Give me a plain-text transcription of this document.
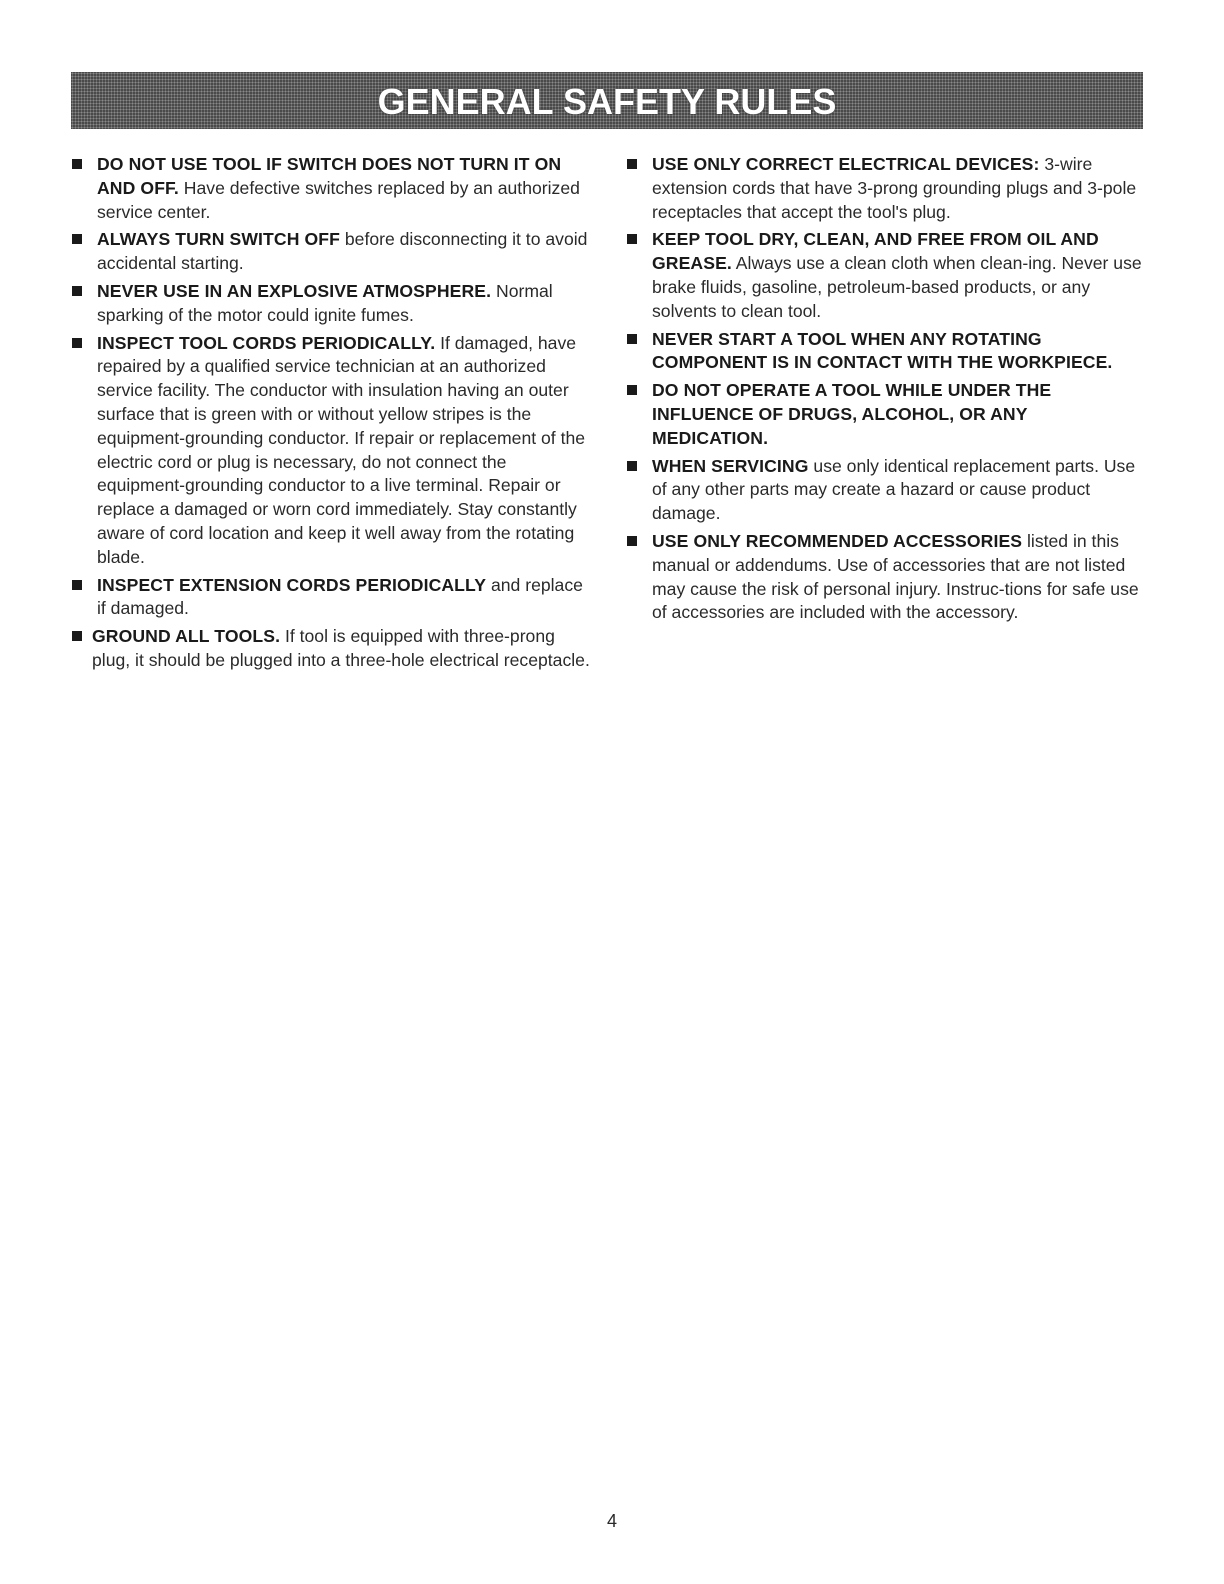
GENERAL SAFETY RULES

DO NOT USE TOOL IF SWITCH DOES NOT TURN IT ON AND OFF. Have defective switches replaced by an authorized service center.

ALWAYS TURN SWITCH OFF before disconnecting it to avoid accidental starting.

NEVER USE IN AN EXPLOSIVE ATMOSPHERE. Normal sparking of the motor could ignite fumes.

INSPECT TOOL CORDS PERIODICALLY. If damaged, have repaired by a qualified service technician at an authorized service facility. The conductor with insulation having an outer surface that is green with or without yellow stripes is the equipment-grounding conductor. If repair or replacement of the electric cord or plug is necessary, do not connect the equipment-grounding conductor to a live terminal. Repair or replace a damaged or worn cord immediately. Stay constantly aware of cord location and keep it well away from the rotating blade.

INSPECT EXTENSION CORDS PERIODICALLY and replace if damaged.

GROUND ALL TOOLS. If tool is equipped with three-prong plug, it should be plugged into a three-hole electrical receptacle.

USE ONLY CORRECT ELECTRICAL DEVICES: 3-wire extension cords that have 3-prong grounding plugs and 3-pole receptacles that accept the tool's plug.

KEEP TOOL DRY, CLEAN, AND FREE FROM OIL AND GREASE. Always use a clean cloth when clean-ing. Never use brake fluids, gasoline, petroleum-based products, or any solvents to clean tool.

NEVER START A TOOL WHEN ANY ROTATING COMPONENT IS IN CONTACT WITH THE WORKPIECE.

DO NOT OPERATE A TOOL WHILE UNDER THE INFLUENCE OF DRUGS, ALCOHOL, OR ANY MEDICATION.

WHEN SERVICING use only identical replacement parts. Use of any other parts may create a hazard or cause product damage.

USE ONLY RECOMMENDED ACCESSORIES listed in this manual or addendums. Use of accessories that are not listed may cause the risk of personal injury. Instruc-tions for safe use of accessories are included with the accessory.

4
